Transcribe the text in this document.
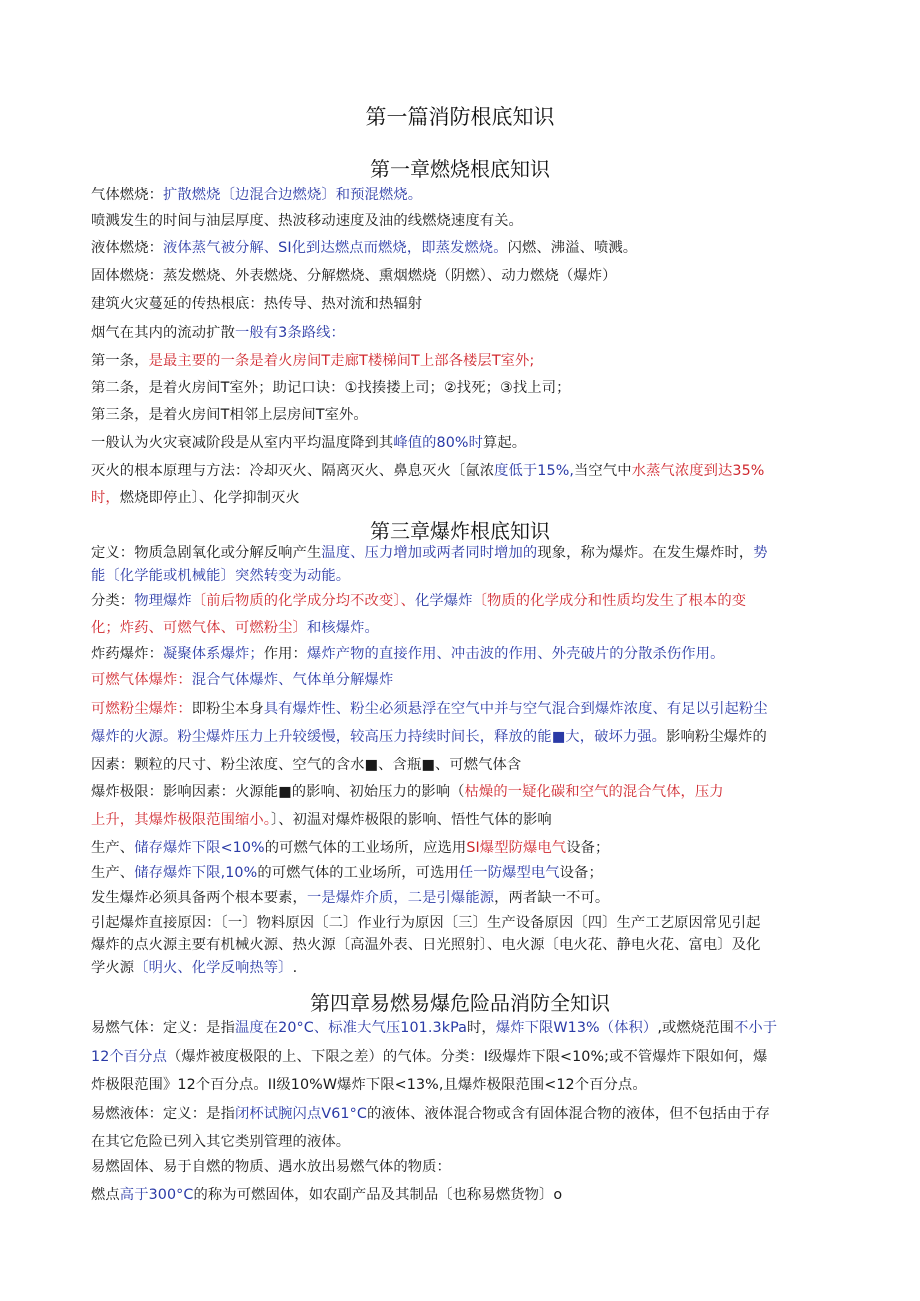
第一篇消防根底知识
第一章燃烧根底知识
气体燃烧：扩散燃烧〔边混合边燃烧〕和预混燃烧。
喷溅发生的时间与油层厚度、热波移动速度及油的线燃烧速度有关。
液体燃烧：液体蒸气被分解、SI化到达燃点而燃烧，即蒸发燃烧。闪燃、沸溢、喷溅。
固体燃烧：蒸发燃烧、外表燃烧、分解燃烧、熏烟燃烧（阴燃）、动力燃烧（爆炸）
建筑火灾蔓延的传热根底：热传导、热对流和热辐射
烟气在其内的流动扩散一般有3条路线：
第一条，是最主要的一条是着火房间T走廊T楼梯间T上部各楼层T室外;
第二条，是着火房间T室外；助记口诀：①找揍搂上司；②找死；③找上司；
第三条，是着火房间T相邻上层房间T室外。
一般认为火灾衰减阶段是从室内平均温度降到其峰值的80%时算起。
灭火的根本原理与方法：冷却灭火、隔离灭火、鼻息灭火〔氤浓度低于15%,当空气中水蒸气浓度到达35%
时，燃烧即停止〕、化学抑制灭火
第三章爆炸根底知识
定义：物质急剧氧化或分解反响产生温度、压力增加或两者同时增加的现象，称为爆炸。在发生爆炸时，势
能〔化学能或机械能〕突然转变为动能。
分类：物理爆炸〔前后物质的化学成分均不改变〕、化学爆炸〔物质的化学成分和性质均发生了根本的变
化；炸药、可燃气体、可燃粉尘〕和核爆炸。
炸药爆炸：凝聚体系爆炸；作用：爆炸产物的直接作用、冲击波的作用、外壳破片的分散杀伤作用。
可燃气体爆炸：混合气体爆炸、气体单分解爆炸
可燃粉尘爆炸：即粉尘本身具有爆炸性、粉尘必须悬浮在空气中并与空气混合到爆炸浓度、有足以引起粉尘
爆炸的火源。粉尘爆炸压力上升较缓慢，较高压力持续时间长，释放的能■大，破坏力强。影响粉尘爆炸的
因素：颗粒的尺寸、粉尘浓度、空气的含水■、含瓶■、可燃气体含
爆炸极限：影响因素：火源能■的影响、初始压力的影响（枯燥的一疑化碳和空气的混合气体，压力
上升，其爆炸极限范围缩小。〕、初温对爆炸极限的影响、悟性气体的影响
生产、储存爆炸下限<10%的可燃气体的工业场所，应选用SI爆型防爆电气设备；
生产、储存爆炸下限,10%的可燃气体的工业场所，可选用任一防爆型电气设备；
发生爆炸必须具备两个根本要素，一是爆炸介质，二是引爆能源，两者缺一不可。
引起爆炸直接原因：〔一〕物料原因〔二〕作业行为原因〔三〕生产设备原因〔四〕生产工艺原因常见引起
爆炸的点火源主要有机械火源、热火源〔高温外表、日光照射〕、电火源〔电火花、静电火花、富电〕及化
学火源〔明火、化学反响热等〕.
第四章易燃易爆危险品消防全知识
易燃气体：定义：是指温度在20°C、标准大气压101.3kPa时，爆炸下限W13%（体积）,或燃烧范围不小于
12个百分点（爆炸被度极限的上、下限之差）的气体。分类：I级爆炸下限<10%;或不管爆炸下限如何，爆
炸极限范围》12个百分点。II级10%W爆炸下限<13%,且爆炸极限范围<12个百分点。
易燃液体：定义：是指闭杯试腕闪点V61°C的液体、液体混合物或含有固体混合物的液体，但不包括由于存
在其它危险已列入其它类别管理的液体。
易燃固体、易于自燃的物质、遇水放出易燃气体的物质：
燃点高于300°C的称为可燃固体，如农副产品及其制品〔也称易燃货物〕o
